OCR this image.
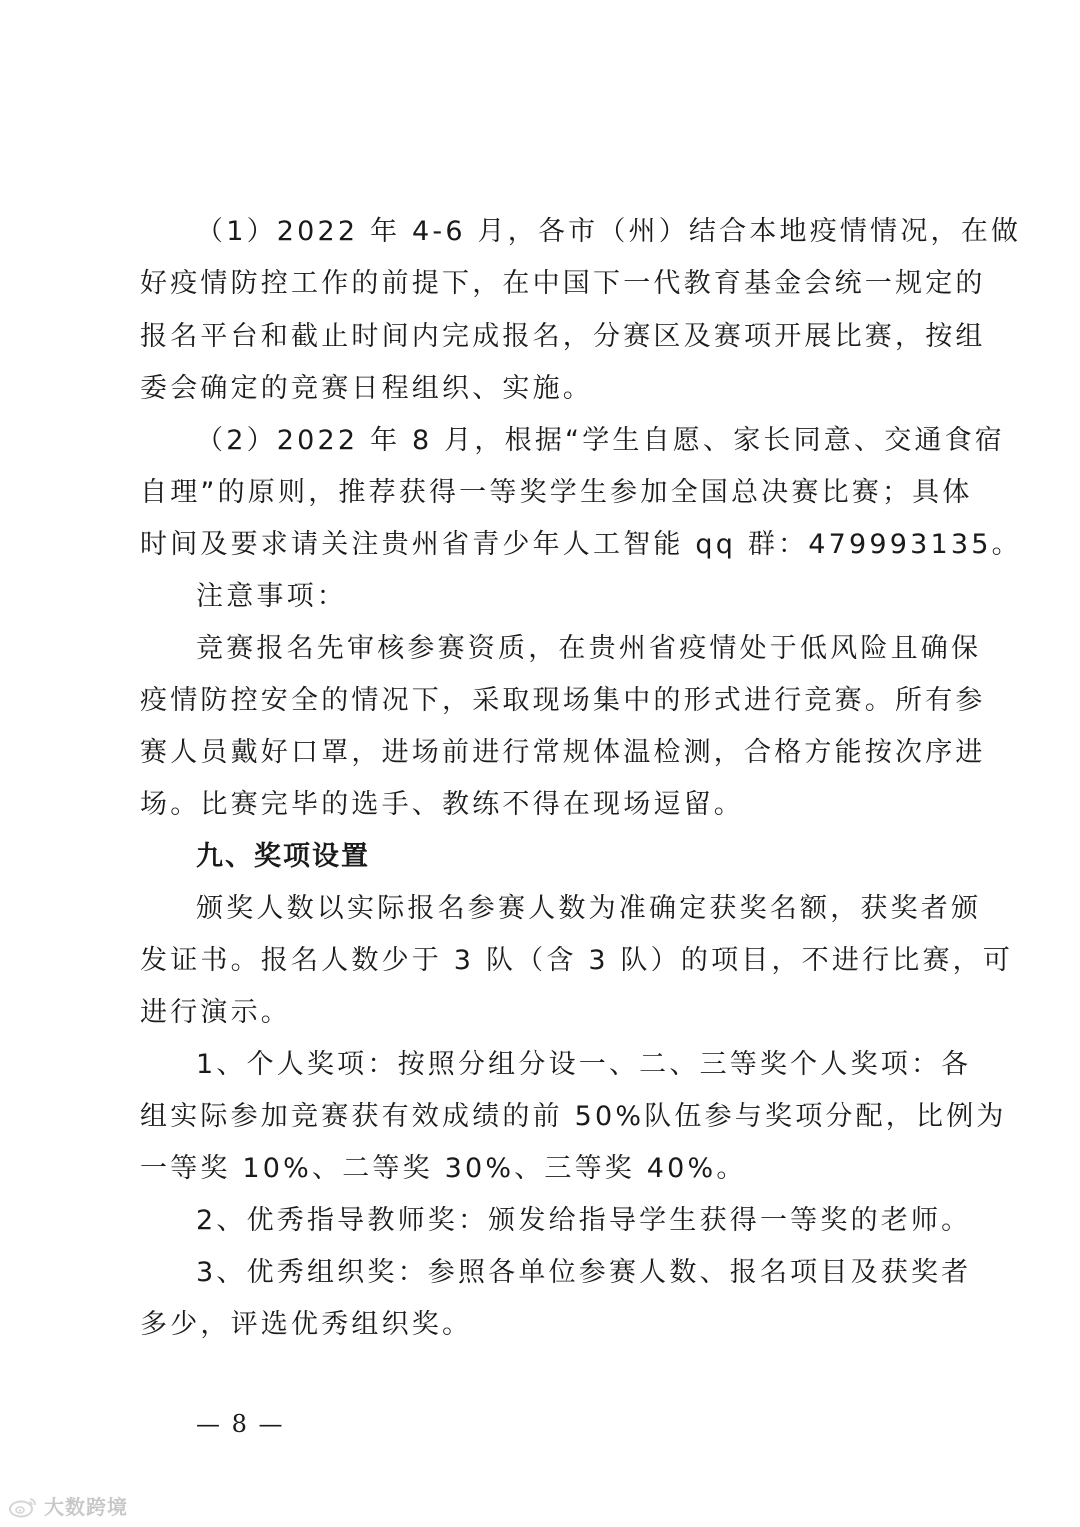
（1）2022 年 4-6 月，各市（州）结合本地疫情情况，在做
好疫情防控工作的前提下，在中国下一代教育基金会统一规定的
报名平台和截止时间内完成报名，分赛区及赛项开展比赛，按组
委会确定的竞赛日程组织、实施。
（2）2022 年 8 月，根据“学生自愿、家长同意、交通食宿
自理”的原则，推荐获得一等奖学生参加全国总决赛比赛；具体
时间及要求请关注贵州省青少年人工智能 qq 群：479993135。
注意事项：
竞赛报名先审核参赛资质，在贵州省疫情处于低风险且确保
疫情防控安全的情况下，采取现场集中的形式进行竞赛。所有参
赛人员戴好口罩，进场前进行常规体温检测，合格方能按次序进
场。比赛完毕的选手、教练不得在现场逗留。
九、奖项设置
颁奖人数以实际报名参赛人数为准确定获奖名额，获奖者颁
发证书。报名人数少于 3 队（含 3 队）的项目，不进行比赛，可
进行演示。
1、个人奖项：按照分组分设一、二、三等奖个人奖项：各
组实际参加竞赛获有效成绩的前 50%队伍参与奖项分配，比例为
一等奖 10%、二等奖 30%、三等奖 40%。
2、优秀指导教师奖：颁发给指导学生获得一等奖的老师。
3、优秀组织奖：参照各单位参赛人数、报名项目及获奖者
多少，评选优秀组织奖。
— 8 —
大数跨境
